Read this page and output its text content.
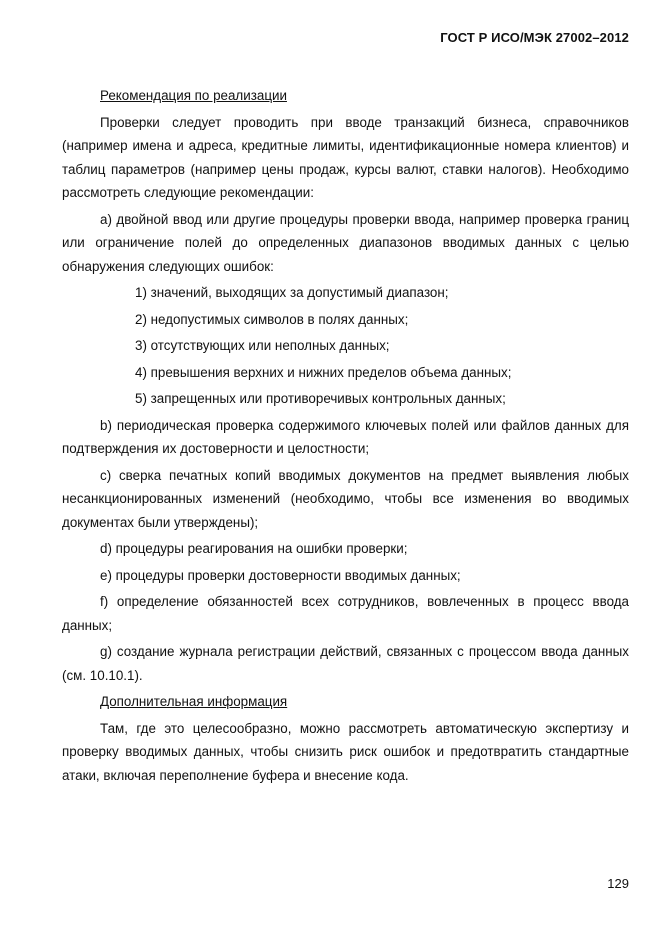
ГОСТ Р ИСО/МЭК 27002–2012
Рекомендация по реализации

Проверки следует проводить при вводе транзакций бизнеса, справочников (например имена и адреса, кредитные лимиты, идентификационные номера клиентов) и таблиц параметров (например цены продаж, курсы валют, ставки налогов). Необходимо рассмотреть следующие рекомендации:

a) двойной ввод или другие процедуры проверки ввода, например проверка границ или ограничение полей до определенных диапазонов вводимых данных с целью обнаружения следующих ошибок:

1) значений, выходящих за допустимый диапазон;
2) недопустимых символов в полях данных;
3) отсутствующих или неполных данных;
4) превышения верхних и нижних пределов объема данных;
5) запрещенных или противоречивых контрольных данных;

b) периодическая проверка содержимого ключевых полей или файлов данных для подтверждения их достоверности и целостности;

c) сверка печатных копий вводимых документов на предмет выявления любых несанкционированных изменений (необходимо, чтобы все изменения во вводимых документах были утверждены);

d) процедуры реагирования на ошибки проверки;

e) процедуры проверки достоверности вводимых данных;

f) определение обязанностей всех сотрудников, вовлеченных в процесс ввода данных;

g) создание журнала регистрации действий, связанных с процессом ввода данных (см. 10.10.1).

Дополнительная информация

Там, где это целесообразно, можно рассмотреть автоматическую экспертизу и проверку вводимых данных, чтобы снизить риск ошибок и предотвратить стандартные атаки, включая переполнение буфера и внесение кода.

129
